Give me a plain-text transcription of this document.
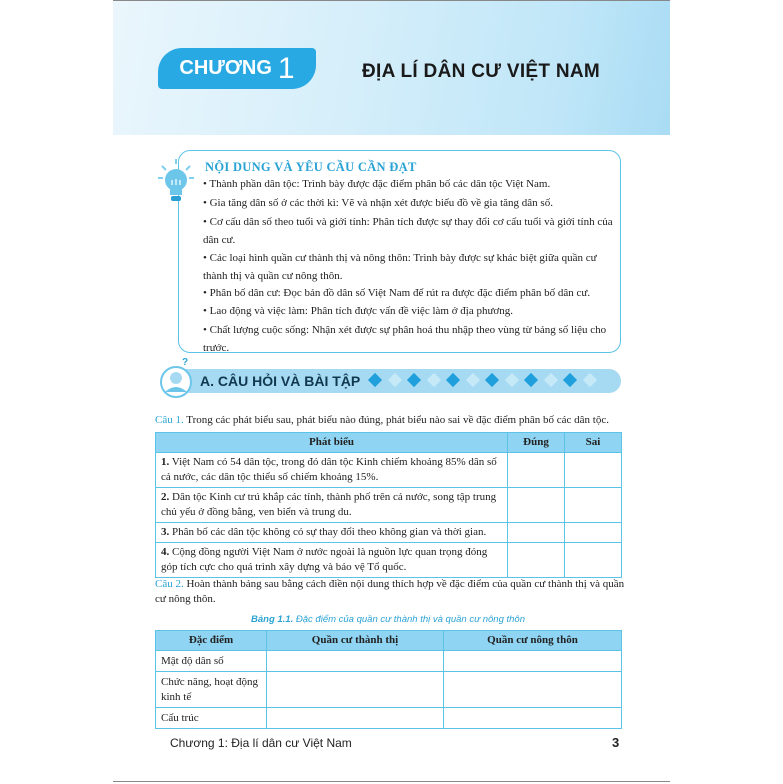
CHƯƠNG 1	ĐỊA LÍ DÂN CƯ VIỆT NAM
NỘI DUNG VÀ YÊU CẦU CẦN ĐẠT
• Thành phần dân tộc: Trình bày được đặc điểm phân bố các dân tộc Việt Nam.
• Gia tăng dân số ở các thời kì: Vẽ và nhận xét được biểu đồ về gia tăng dân số.
• Cơ cấu dân số theo tuổi và giới tính: Phân tích được sự thay đổi cơ cấu tuổi và giới tính của dân cư.
• Các loại hình quần cư thành thị và nông thôn: Trình bày được sự khác biệt giữa quần cư thành thị và quần cư nông thôn.
• Phân bố dân cư: Đọc bản đồ dân số Việt Nam để rút ra được đặc điểm phân bố dân cư.
• Lao động và việc làm: Phân tích được vấn đề việc làm ở địa phương.
• Chất lượng cuộc sống: Nhận xét được sự phân hoá thu nhập theo vùng từ bảng số liệu cho trước.
?
A. CÂU HỎI VÀ BÀI TẬP
Câu 1. Trong các phát biểu sau, phát biểu nào đúng, phát biểu nào sai về đặc điểm phân bố các dân tộc.
Phát biểu	Đúng	Sai
1. Việt Nam có 54 dân tộc, trong đó dân tộc Kinh chiếm khoảng 85% dân số cả nước, các dân tộc thiểu số chiếm khoảng 15%.		
2. Dân tộc Kinh cư trú khắp các tỉnh, thành phố trên cả nước, song tập trung chủ yếu ở đồng bằng, ven biển và trung du.		
3. Phân bố các dân tộc không có sự thay đổi theo không gian và thời gian.		
4. Cộng đồng người Việt Nam ở nước ngoài là nguồn lực quan trọng đóng góp tích cực cho quá trình xây dựng và bảo vệ Tổ quốc.		
Câu 2. Hoàn thành bảng sau bằng cách điền nội dung thích hợp về đặc điểm của quần cư thành thị và quần cư nông thôn.
Bảng 1.1. Đặc điểm của quần cư thành thị và quần cư nông thôn
Đặc điểm	Quần cư thành thị	Quần cư nông thôn
Mật độ dân số		
Chức năng, hoạt động kinh tế		
Cấu trúc		
Chương 1: Địa lí dân cư Việt Nam	3
